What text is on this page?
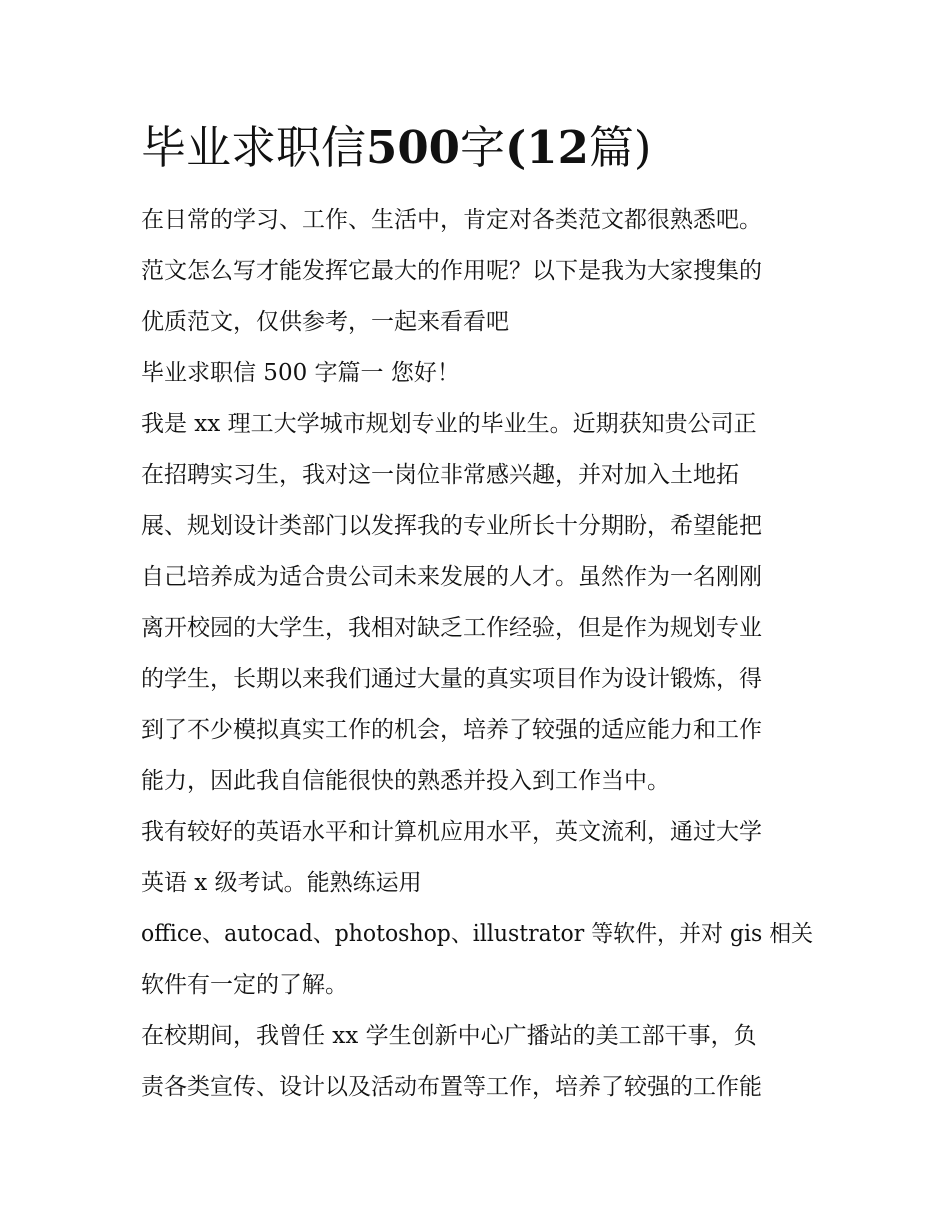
毕业求职信500字(12篇)

在日常的学习、工作、生活中，肯定对各类范文都很熟悉吧。
范文怎么写才能发挥它最大的作用呢？以下是我为大家搜集的
优质范文，仅供参考，一起来看看吧

毕业求职信 500 字篇一 您好！

我是 xx 理工大学城市规划专业的毕业生。近期获知贵公司正
在招聘实习生，我对这一岗位非常感兴趣，并对加入土地拓
展、规划设计类部门以发挥我的专业所长十分期盼，希望能把
自己培养成为适合贵公司未来发展的人才。虽然作为一名刚刚
离开校园的大学生，我相对缺乏工作经验，但是作为规划专业
的学生，长期以来我们通过大量的真实项目作为设计锻炼，得
到了不少模拟真实工作的机会，培养了较强的适应能力和工作
能力，因此我自信能很快的熟悉并投入到工作当中。

我有较好的英语水平和计算机应用水平，英文流利，通过大学
英语 x 级考试。能熟练运用
office、autocad、photoshop、illustrator 等软件，并对 gis 相关
软件有一定的了解。

在校期间，我曾任 xx 学生创新中心广播站的美工部干事，负
责各类宣传、设计以及活动布置等工作，培养了较强的工作能
